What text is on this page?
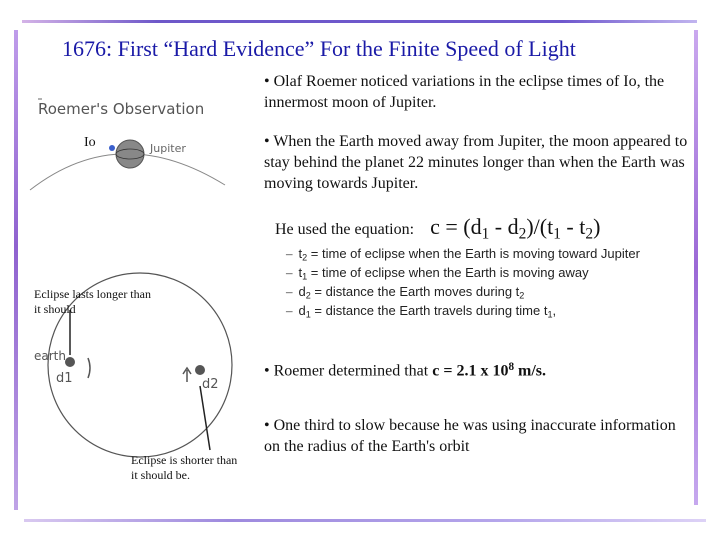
1676: First “Hard Evidence” For the Finite Speed of Light
Roemer's Observation
Jupiter
earth
d1	d2
Io
Eclipse lasts longer than it should
Eclipse is shorter than it should be.
• Olaf Roemer noticed variations in the eclipse times of Io, the innermost moon of Jupiter.
• When the Earth moved away from Jupiter, the moon appeared to stay behind the planet 22 minutes longer than when the Earth was moving towards Jupiter.
He used the equation: $c = (d_1 - d_2)/(t_1 - t_2)$
– $t_2$ = time of eclipse when the Earth is moving toward Jupiter
– $t_1$ = time of eclipse when the Earth is moving away
– $d_2$ = distance the Earth moves during $t_2$
– $d_1$ = distance the Earth travels during time $t_1$,
• Roemer determined that c = 2.1 x $10^8$ m/s.
• One third to slow because he was using inaccurate information on the radius of the Earth's orbit
